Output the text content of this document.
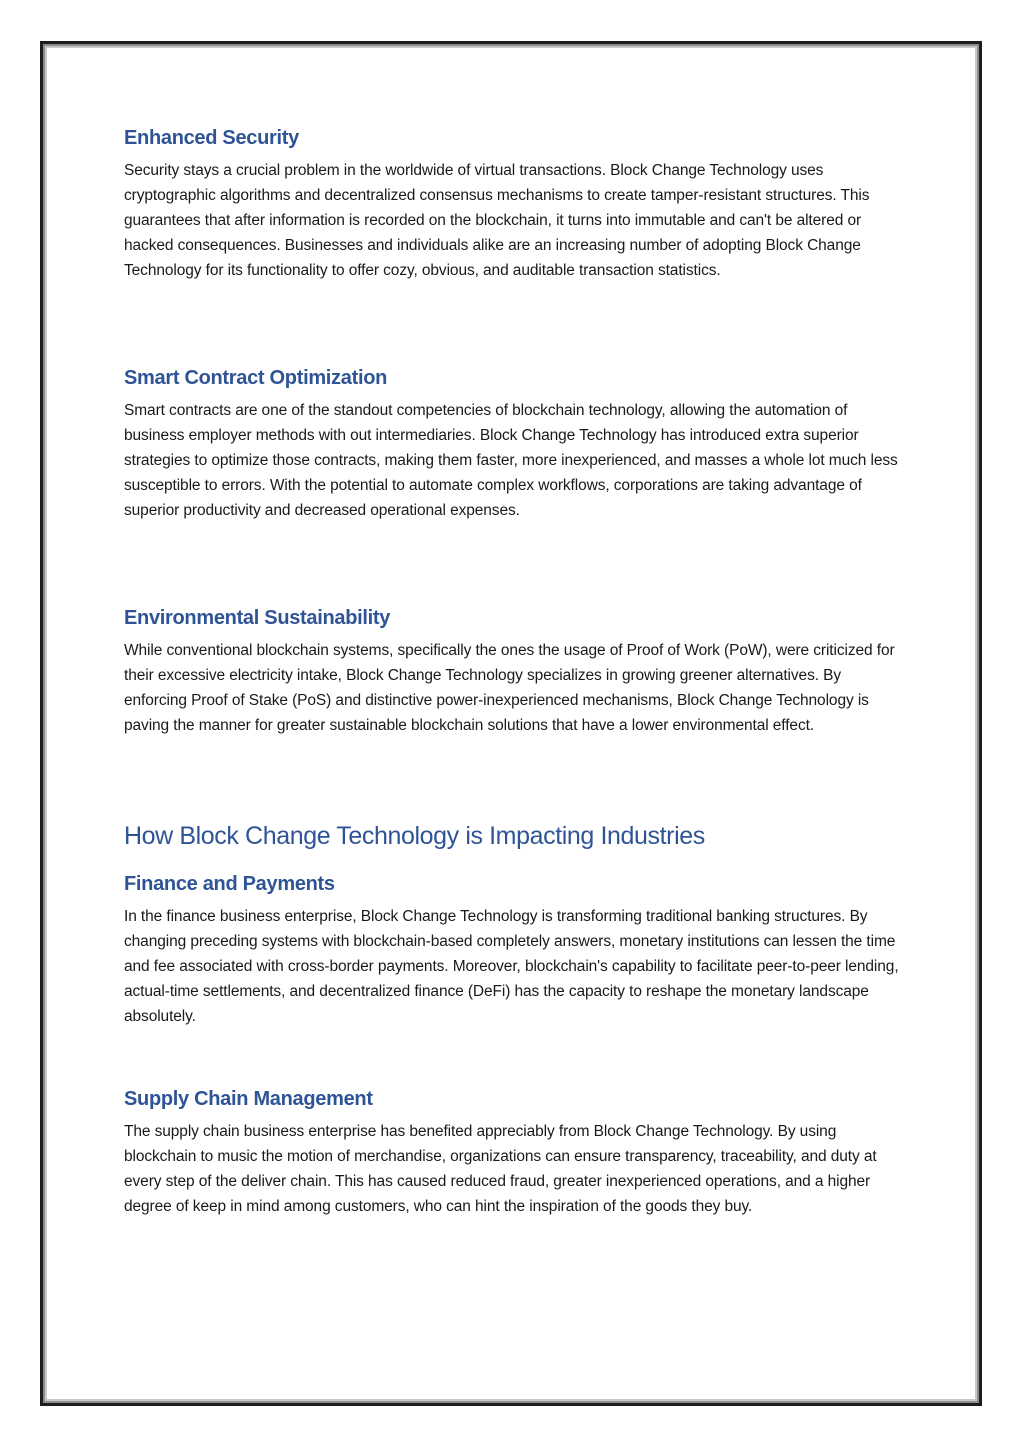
Enhanced Security

Security stays a crucial problem in the worldwide of virtual transactions. Block Change Technology uses cryptographic algorithms and decentralized consensus mechanisms to create tamper-resistant structures. This guarantees that after information is recorded on the blockchain, it turns into immutable and can't be altered or hacked consequences. Businesses and individuals alike are an increasing number of adopting Block Change Technology for its functionality to offer cozy, obvious, and auditable transaction statistics.

Smart Contract Optimization

Smart contracts are one of the standout competencies of blockchain technology, allowing the automation of business employer methods with out intermediaries. Block Change Technology has introduced extra superior strategies to optimize those contracts, making them faster, more inexperienced, and masses a whole lot much less susceptible to errors. With the potential to automate complex workflows, corporations are taking advantage of superior productivity and decreased operational expenses.

Environmental Sustainability

While conventional blockchain systems, specifically the ones the usage of Proof of Work (PoW), were criticized for their excessive electricity intake, Block Change Technology specializes in growing greener alternatives. By enforcing Proof of Stake (PoS) and distinctive power-inexperienced mechanisms, Block Change Technology is paving the manner for greater sustainable blockchain solutions that have a lower environmental effect.

How Block Change Technology is Impacting Industries
Finance and Payments

In the finance business enterprise, Block Change Technology is transforming traditional banking structures. By changing preceding systems with blockchain-based completely answers, monetary institutions can lessen the time and fee associated with cross-border payments. Moreover, blockchain's capability to facilitate peer-to-peer lending, actual-time settlements, and decentralized finance (DeFi) has the capacity to reshape the monetary landscape absolutely.

Supply Chain Management

The supply chain business enterprise has benefited appreciably from Block Change Technology. By using blockchain to music the motion of merchandise, organizations can ensure transparency, traceability, and duty at every step of the deliver chain. This has caused reduced fraud, greater inexperienced operations, and a higher degree of keep in mind among customers, who can hint the inspiration of the goods they buy.
